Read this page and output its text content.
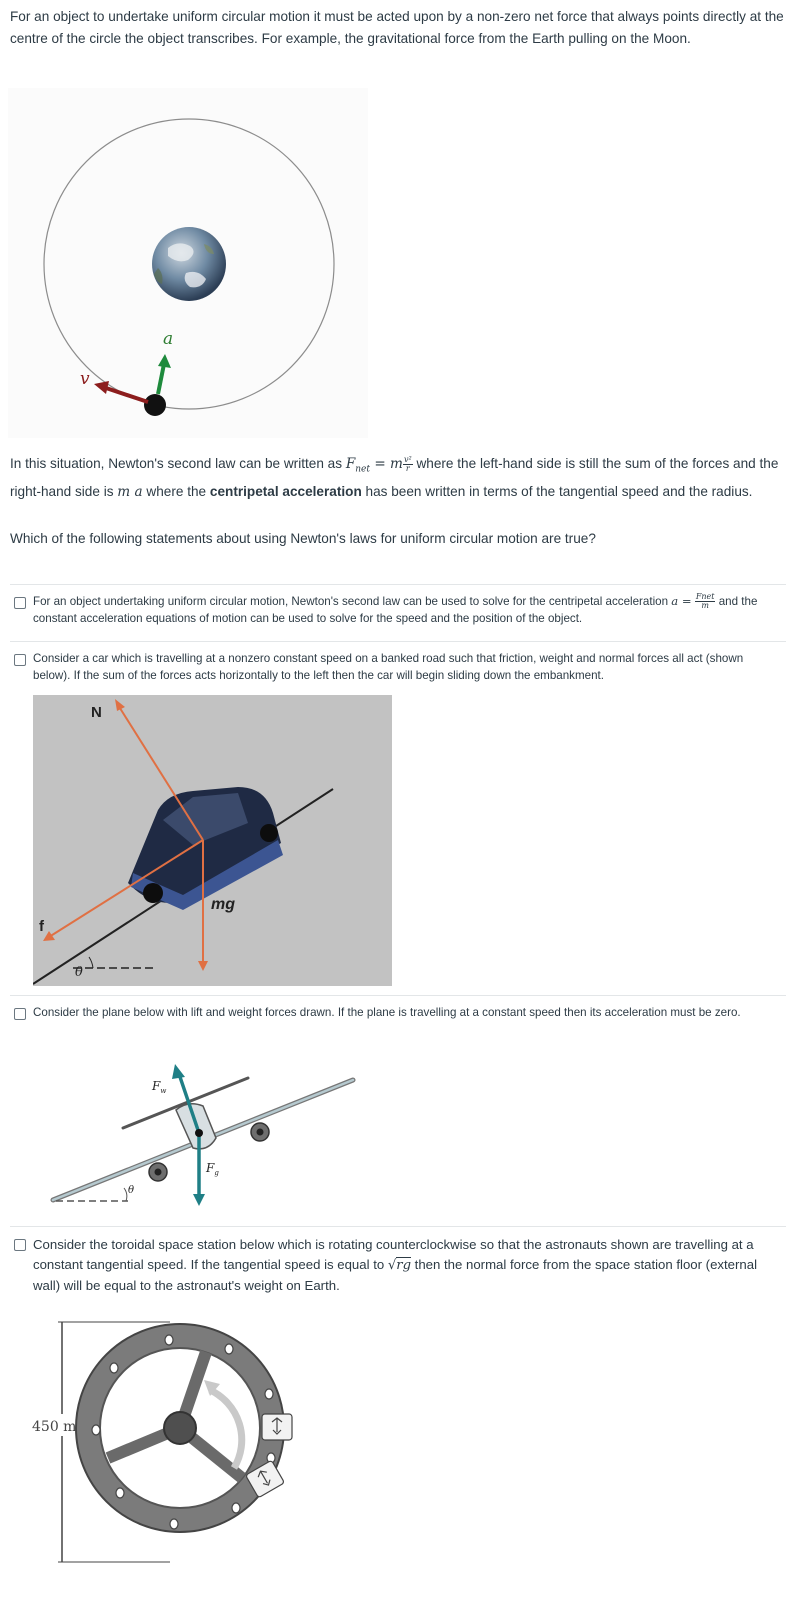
For an object to undertake uniform circular motion it must be acted upon by a non-zero net force that always points directly at the centre of the circle the object transcribes. For example, the gravitational force from the Earth pulling on the Moon.
a
v
In this situation, Newton's second law can be written as $F_{net} = m \frac{\text{v²}}{r}$ where the left-hand side is still the sum of the forces and the right-hand side is m a where the centripetal acceleration has been written in terms of the tangential speed and the radius.
Which of the following statements about using Newton's laws for uniform circular motion are true?
For an object undertaking uniform circular motion, Newton's second law can be used to solve for the centripetal acceleration $a = \frac{\text{Fnet}}{m}$ and the constant acceleration equations of motion can be used to solve for the speed and the position of the object.
Consider a car which is travelling at a nonzero constant speed on a banked road such that friction, weight and normal forces all act (shown below). If the sum of the forces acts horizontally to the left then the car will begin sliding down the embankment.
N
mg
f
θ
Consider the plane below with lift and weight forces drawn. If the plane is travelling at a constant speed then its acceleration must be zero.
$F_w$
$F_g$
θ
Consider the toroidal space station below which is rotating counterclockwise so that the astronauts shown are travelling at a constant tangential speed. If the tangential speed is equal to √rg then the normal force from the space station floor (external wall) will be equal to the astronaut's weight on Earth.
450 m
